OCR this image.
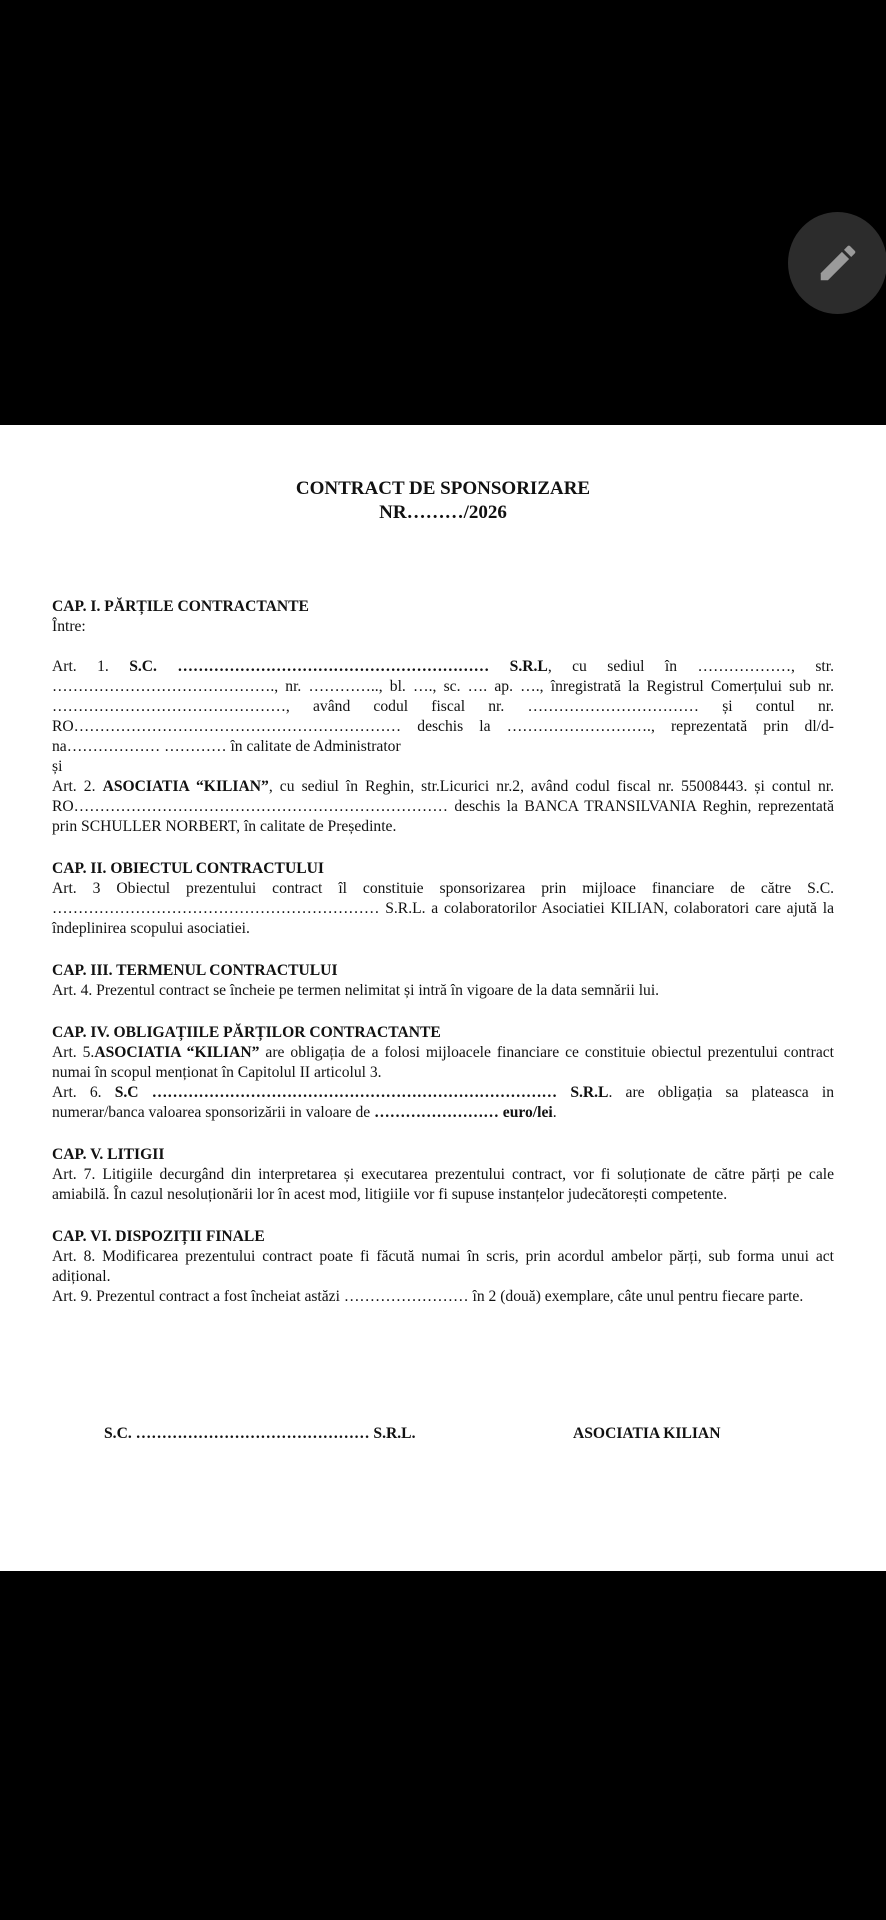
CONTRACT DE SPONSORIZARE
NR………/2026
CAP. I. PĂRȚILE CONTRACTANTE
Între:
Art. 1. S.C. …………………………………………………… S.R.L, cu sediul în ………………, str. ……………………………………., nr. ………….., bl. …., sc. …. ap. …., înregistrată la Registrul Comerțului sub nr. ………………………………………, având codul fiscal nr. …………………………… și contul nr. RO……………………………………………………… deschis la ………………………., reprezentată prin dl/d-na……………… ………… în calitate de Administrator
și
Art. 2. ASOCIATIA “KILIAN”, cu sediul în Reghin, str.Licurici nr.2, având codul fiscal nr. 55008443. și contul nr. RO……………………………………………………………… deschis la BANCA TRANSILVANIA Reghin, reprezentată prin SCHULLER NORBERT, în calitate de Președinte.
CAP. II. OBIECTUL CONTRACTULUI
Art. 3 Obiectul prezentului contract îl constituie sponsorizarea prin mijloace financiare de către S.C. ……………………………………………………… S.R.L. a colaboratorilor Asociatiei KILIAN, colaboratori care ajută la îndeplinirea scopului asociatiei.
CAP. III. TERMENUL CONTRACTULUI
Art. 4. Prezentul contract se încheie pe termen nelimitat și intră în vigoare de la data semnării lui.
CAP. IV. OBLIGAȚIILE PĂRȚILOR CONTRACTANTE
Art. 5.ASOCIATIA “KILIAN” are obligația de a folosi mijloacele financiare ce constituie obiectul prezentului contract numai în scopul menționat în Capitolul II articolul 3.
Art. 6. S.C …………………………………………………………………… S.R.L. are obligația sa plateasca in numerar/banca valoarea sponsorizării in valoare de …………………… euro/lei.
CAP. V. LITIGII
Art. 7. Litigiile decurgând din interpretarea și executarea prezentului contract, vor fi soluționate de către părți pe cale amiabilă. În cazul nesoluționării lor în acest mod, litigiile vor fi supuse instanțelor judecătorești competente.
CAP. VI. DISPOZIȚII FINALE
Art. 8. Modificarea prezentului contract poate fi făcută numai în scris, prin acordul ambelor părți, sub forma unui act adițional.
Art. 9. Prezentul contract a fost încheiat astăzi …………………… în 2 (două) exemplare, câte unul pentru fiecare parte.
S.C. ……………………………………… S.R.L.	ASOCIATIA KILIAN
